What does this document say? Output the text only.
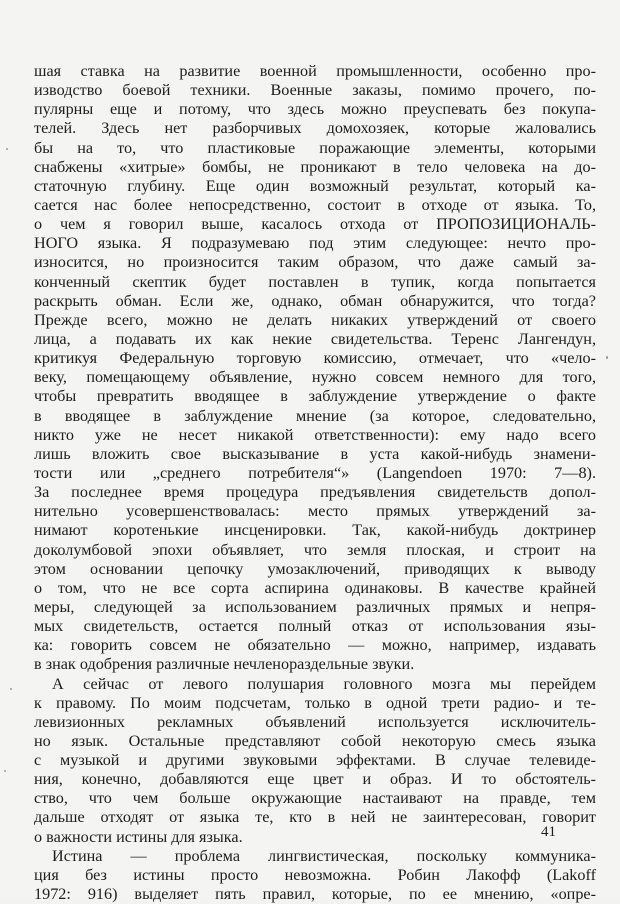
шая ставка на развитие военной промышленности, особенно про-
изводство боевой техники. Военные заказы, помимо прочего, по-
пулярны еще и потому, что здесь можно преуспевать без покупа-
телей. Здесь нет разборчивых домохозяек, которые жаловались
бы на то, что пластиковые поражающие элементы, которыми
снабжены «хитрые» бомбы, не проникают в тело человека на до-
статочную глубину. Еще один возможный результат, который ка-
сается нас более непосредственно, состоит в отходе от языка. То,
о чем я говорил выше, касалось отхода от ПРОПОЗИЦИОНАЛЬ-
НОГО языка. Я подразумеваю под этим следующее: нечто про-
износится, но произносится таким образом, что даже самый за-
конченный скептик будет поставлен в тупик, когда попытается
раскрыть обман. Если же, однако, обман обнаружится, что тогда?
Прежде всего, можно не делать никаких утверждений от своего
лица, а подавать их как некие свидетельства. Теренс Лангендун,
критикуя Федеральную торговую комиссию, отмечает, что «чело-
веку, помещающему объявление, нужно совсем немного для того,
чтобы превратить вводящее в заблуждение утверждение о факте
в вводящее в заблуждение мнение (за которое, следовательно,
никто уже не несет никакой ответственности): ему надо всего
лишь вложить свое высказывание в уста какой-нибудь знамени-
тости или „среднего потребителя“» (Langendoen 1970: 7—8).
За последнее время процедура предъявления свидетельств допол-
нительно усовершенствовалась: место прямых утверждений за-
нимают коротенькие инсценировки. Так, какой-нибудь доктринер
доколумбовой эпохи объявляет, что земля плоская, и строит на
этом основании цепочку умозаключений, приводящих к выводу
о том, что не все сорта аспирина одинаковы. В качестве крайней
меры, следующей за использованием различных прямых и непря-
мых свидетельств, остается полный отказ от использования язы-
ка: говорить совсем не обязательно — можно, например, издавать
в знак одобрения различные нечленораздельные звуки.
А сейчас от левого полушария головного мозга мы перейдем
к правому. По моим подсчетам, только в одной трети радио- и те-
левизионных рекламных объявлений используется исключитель-
но язык. Остальные представляют собой некоторую смесь языка
с музыкой и другими звуковыми эффектами. В случае телевиде-
ния, конечно, добавляются еще цвет и образ. И то обстоятель-
ство, что чем больше окружающие настаивают на правде, тем
дальше отходят от языка те, кто в ней не заинтересован, говорит
о важности истины для языка.
Истина — проблема лингвистическая, поскольку коммуника-
ция без истины просто невозможна. Робин Лакофф (Lakoff
1972: 916) выделяет пять правил, которые, по ее мнению, «опре-
41
